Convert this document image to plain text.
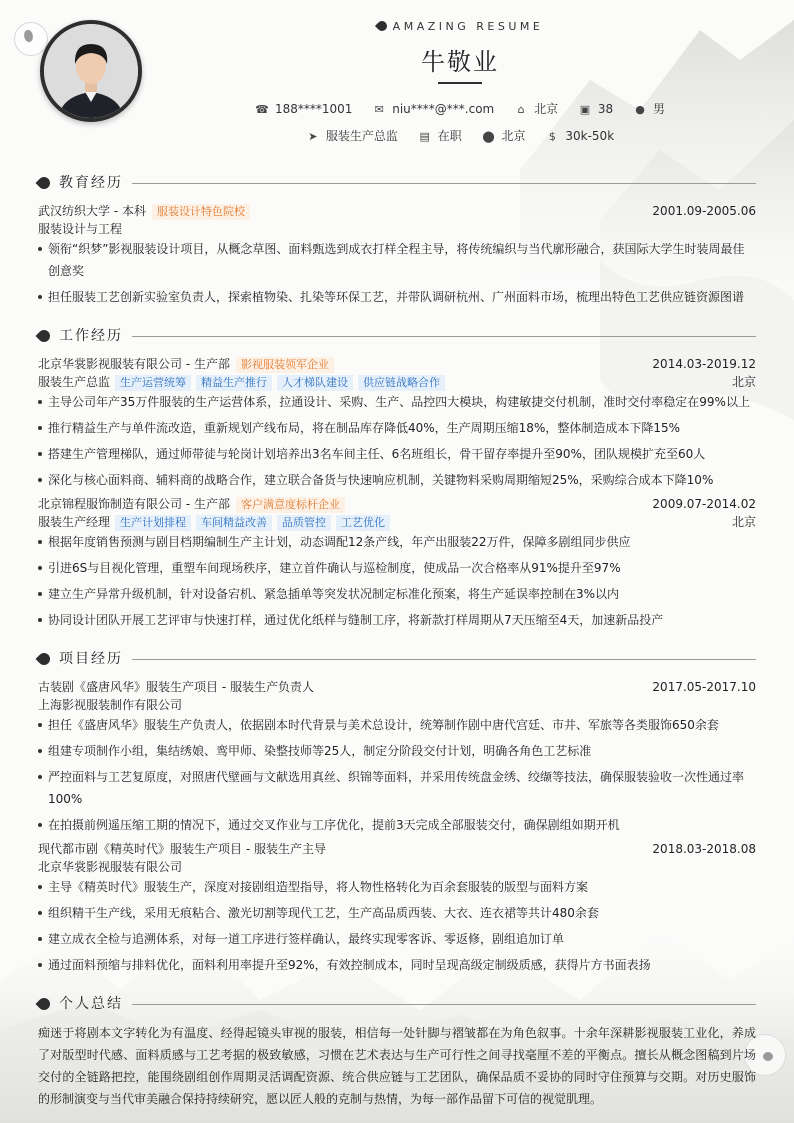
AMAZING RESUME
牛敬业
☎ 188****1001 ✉ niu****@***.com ⌂ 北京 ▣ 38 ● 男
➤ 服装生产总监 ▤ 在职 ⬤ 北京 $ 30k-50k
教育经历
武汉纺织大学 - 本科 服装设计特色院校	2001.09-2005.06
服装设计与工程
领衔“织梦”影视服装设计项目，从概念草图、面料甄选到成衣打样全程主导，将传统编织与当代廓形融合，获国际大学生时装周最佳创意奖
担任服装工艺创新实验室负责人，探索植物染、扎染等环保工艺，并带队调研杭州、广州面料市场，梳理出特色工艺供应链资源图谱
工作经历
北京华裳影视服装有限公司 - 生产部 影视服装领军企业	2014.03-2019.12
服装生产总监 生产运营统筹 精益生产推行 人才梯队建设 供应链战略合作	北京
主导公司年产35万件服装的生产运营体系，拉通设计、采购、生产、品控四大模块，构建敏捷交付机制，准时交付率稳定在99%以上
推行精益生产与单件流改造，重新规划产线布局，将在制品库存降低40%，生产周期压缩18%，整体制造成本下降15%
搭建生产管理梯队，通过师带徒与轮岗计划培养出3名车间主任、6名班组长，骨干留存率提升至90%，团队规模扩充至60人
深化与核心面料商、辅料商的战略合作，建立联合备货与快速响应机制，关键物料采购周期缩短25%，采购综合成本下降10%
北京锦程服饰制造有限公司 - 生产部 客户满意度标杆企业	2009.07-2014.02
服装生产经理 生产计划排程 车间精益改善 品质管控 工艺优化	北京
根据年度销售预测与剧目档期编制生产主计划，动态调配12条产线，年产出服装22万件，保障多剧组同步供应
引进6S与目视化管理，重塑车间现场秩序，建立首件确认与巡检制度，使成品一次合格率从91%提升至97%
建立生产异常升级机制，针对设备宕机、紧急插单等突发状况制定标准化预案，将生产延误率控制在3%以内
协同设计团队开展工艺评审与快速打样，通过优化纸样与缝制工序，将新款打样周期从7天压缩至4天，加速新品投产
项目经历
古装剧《盛唐风华》服装生产项目 - 服装生产负责人	2017.05-2017.10
上海影视服装制作有限公司
担任《盛唐风华》服装生产负责人，依据剧本时代背景与美术总设计，统筹制作剧中唐代宫廷、市井、军旅等各类服饰650余套
组建专项制作小组，集结绣娘、鸾甲师、染整技师等25人，制定分阶段交付计划，明确各角色工艺标准
严控面料与工艺复原度，对照唐代壁画与文献选用真丝、织锦等面料，并采用传统盘金绣、绞缬等技法，确保服装验收一次性通过率100%
在拍摄前例遥压缩工期的情况下，通过交叉作业与工序优化，提前3天完成全部服装交付，确保剧组如期开机
现代都市剧《精英时代》服装生产项目 - 服装生产主导	2018.03-2018.08
北京华裳影视服装有限公司
主导《精英时代》服装生产，深度对接剧组造型指导，将人物性格转化为百余套服装的版型与面料方案
组织精干生产线，采用无痕粘合、激光切割等现代工艺，生产高品质西装、大衣、连衣裙等共计480余套
建立成衣全检与追溯体系，对每一道工序进行签样确认，最终实现零客诉、零返修，剧组追加订单
通过面料预缩与排料优化，面料利用率提升至92%，有效控制成本，同时呈现高级定制级质感，获得片方书面表扬
个人总结
痴迷于将剧本文字转化为有温度、经得起镜头审视的服装，相信每一处针脚与褶皱都在为角色叙事。十余年深耕影视服装工业化，养成了对版型时代感、面料质感与工艺考据的极致敏感，习惯在艺术表达与生产可行性之间寻找毫厘不差的平衡点。擅长从概念图稿到片场交付的全链路把控，能围绕剧组创作周期灵活调配资源、统合供应链与工艺团队，确保品质不妥协的同时守住预算与交期。对历史服饰的形制演变与当代审美融合保持持续研究，愿以匠人般的克制与热情，为每一部作品留下可信的视觉肌理。
